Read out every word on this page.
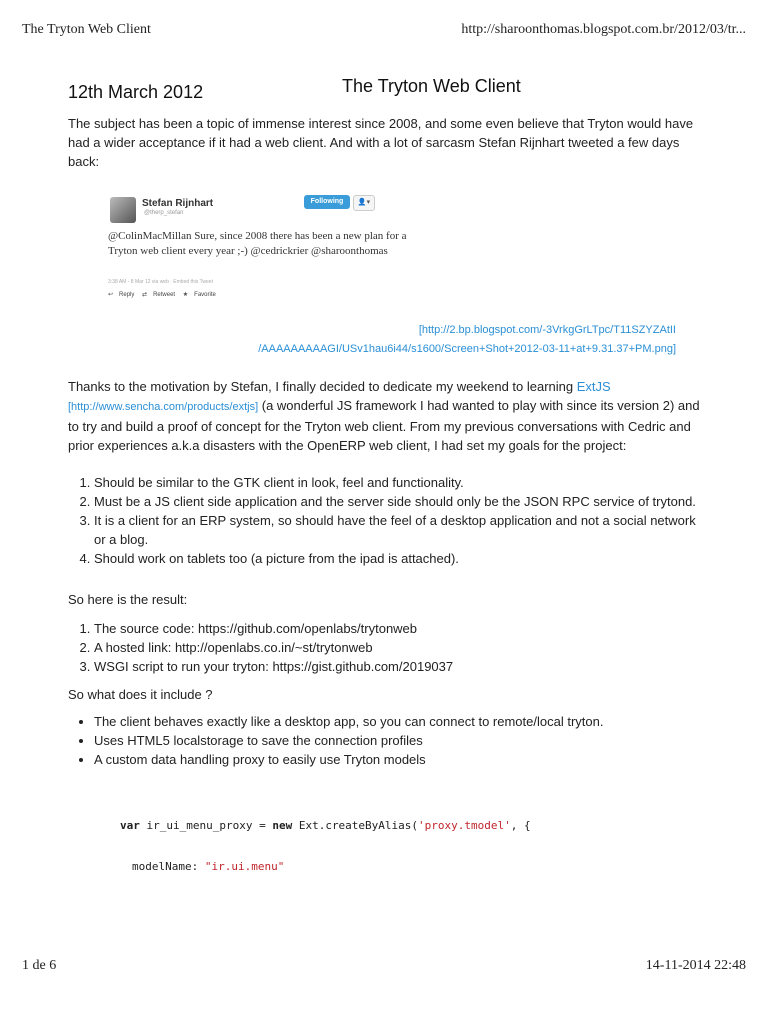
The Tryton Web Client	http://sharoonthomas.blogspot.com.br/2012/03/tr...
12th March 2012	The Tryton Web Client

The subject has been a topic of immense interest since 2008, and some even believe that Tryton would have had a wider acceptance if it had a web client. And with a lot of sarcasm Stefan Rijnhart tweeted a few days back:

Stefan Rijnhart
@therp_stefan
Following	👤▾
@ColinMacMillan Sure, since 2008 there has been a new plan for a Tryton web client every year ;-) @cedrickrier @sharoonthomas
3:38 AM - 8 Mar 12 via web · Embed this Tweet
↩ Reply ⇄ Retweet ★ Favorite
[http://2.bp.blogspot.com/-3VrkgGrLTpc/T11SZYZAtII
/AAAAAAAAAGI/USv1hau6i44/s1600/Screen+Shot+2012-03-11+at+9.31.37+PM.png]

Thanks to the motivation by Stefan, I finally decided to dedicate my weekend to learning ExtJS
[http://www.sencha.com/products/extjs] (a wonderful JS framework I had wanted to play with since its version 2) and to try and build a proof of concept for the Tryton web client. From my previous conversations with Cedric and prior experiences a.k.a disasters with the OpenERP web client, I had set my goals for the project:

1. Should be similar to the GTK client in look, feel and functionality.
2. Must be a JS client side application and the server side should only be the JSON RPC service of trytond.
3. It is a client for an ERP system, so should have the feel of a desktop application and not a social network or a blog.
4. Should work on tablets too (a picture from the ipad is attached).

So here is the result:

1. The source code: https://github.com/openlabs/trytonweb
2. A hosted link: http://openlabs.co.in/~st/trytonweb
3. WSGI script to run your tryton: https://gist.github.com/2019037

So what does it include ?

• The client behaves exactly like a desktop app, so you can connect to remote/local tryton.
• Uses HTML5 localstorage to save the connection profiles
• A custom data handling proxy to easily use Tryton models
var ir_ui_menu_proxy = new Ext.createByAlias('proxy.tmodel', {
modelName: "ir.ui.menu"
1 de 6	14-11-2014 22:48
